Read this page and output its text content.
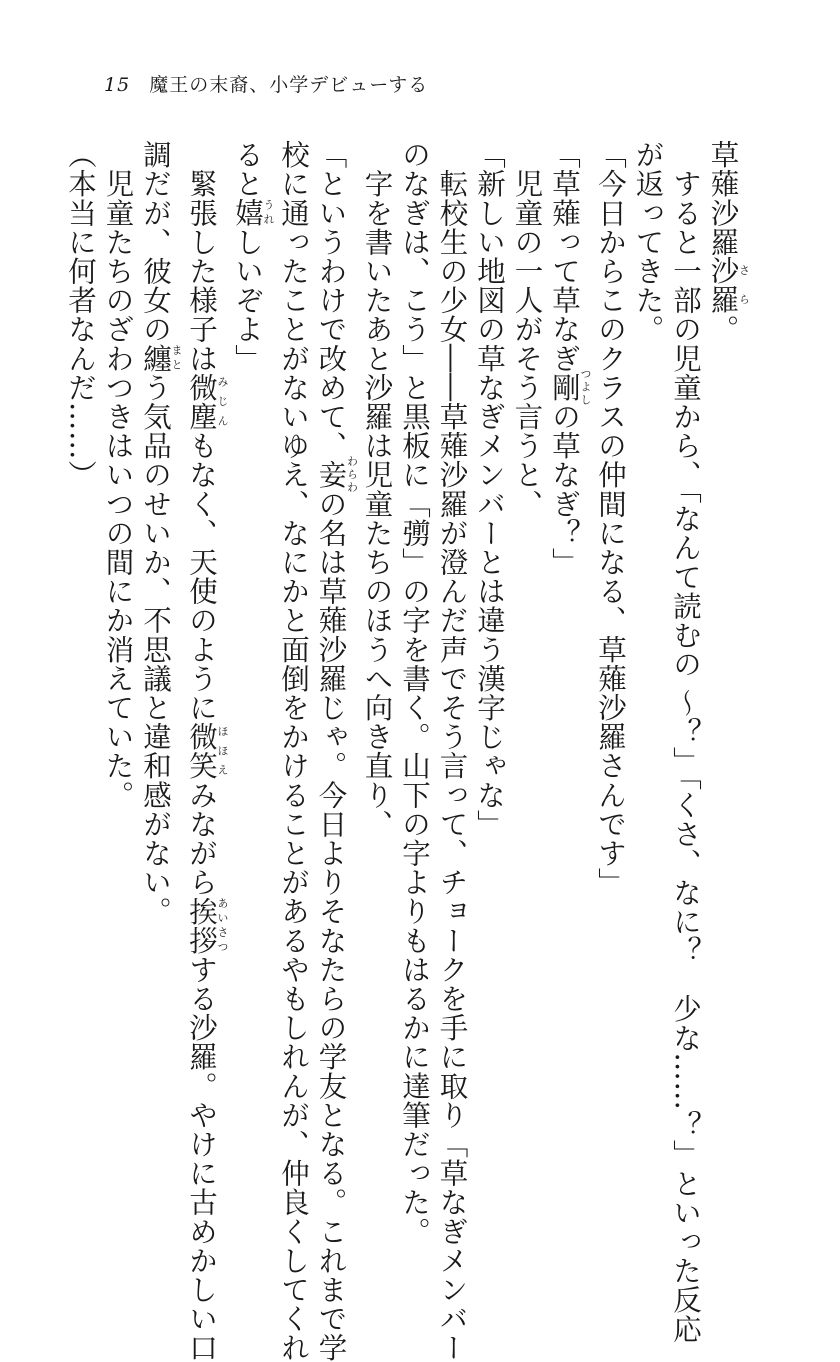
15 魔王の末裔、小学デビューする

草薙沙羅沙羅さら。

　すると一部の児童から、「なんて読むの 〜？」「くさ、なに？　少な……？」といった反応

が返ってきた。

「今日からこのクラスの仲間になる、草薙沙羅さんです」

「草薙って草なぎ剛つよしの草なぎ？」

　児童の一人がそう言うと、

「新しい地図の草なぎメンバーとは違う漢字じゃな」

　転校生の少女――草薙沙羅が澄んだ声でそう言って、チョークを手に取り「草なぎメンバー

のなぎは、こう」と黒板に「彅」の字を書く。山下の字よりもはるかに達筆だった。

　字を書いたあと沙羅は児童たちのほうへ向き直り、

「というわけで改めて、妾わらわの名は草薙沙羅じゃ。今日よりそなたらの学友となる。これまで学

校に通ったことがないゆえ、なにかと面倒をかけることがあるやもしれんが、仲良くしてくれ

ると嬉うれしいぞよ」

　緊張した様子は微塵みじんもなく、天使のように微笑ほほえみながら挨拶あいさつする沙羅。やけに古めかしい口

調だが、彼女の纏まとう気品のせいか、不思議と違和感がない。

　児童たちのざわつきはいつの間にか消えていた。

（本当に何者なんだ……）
